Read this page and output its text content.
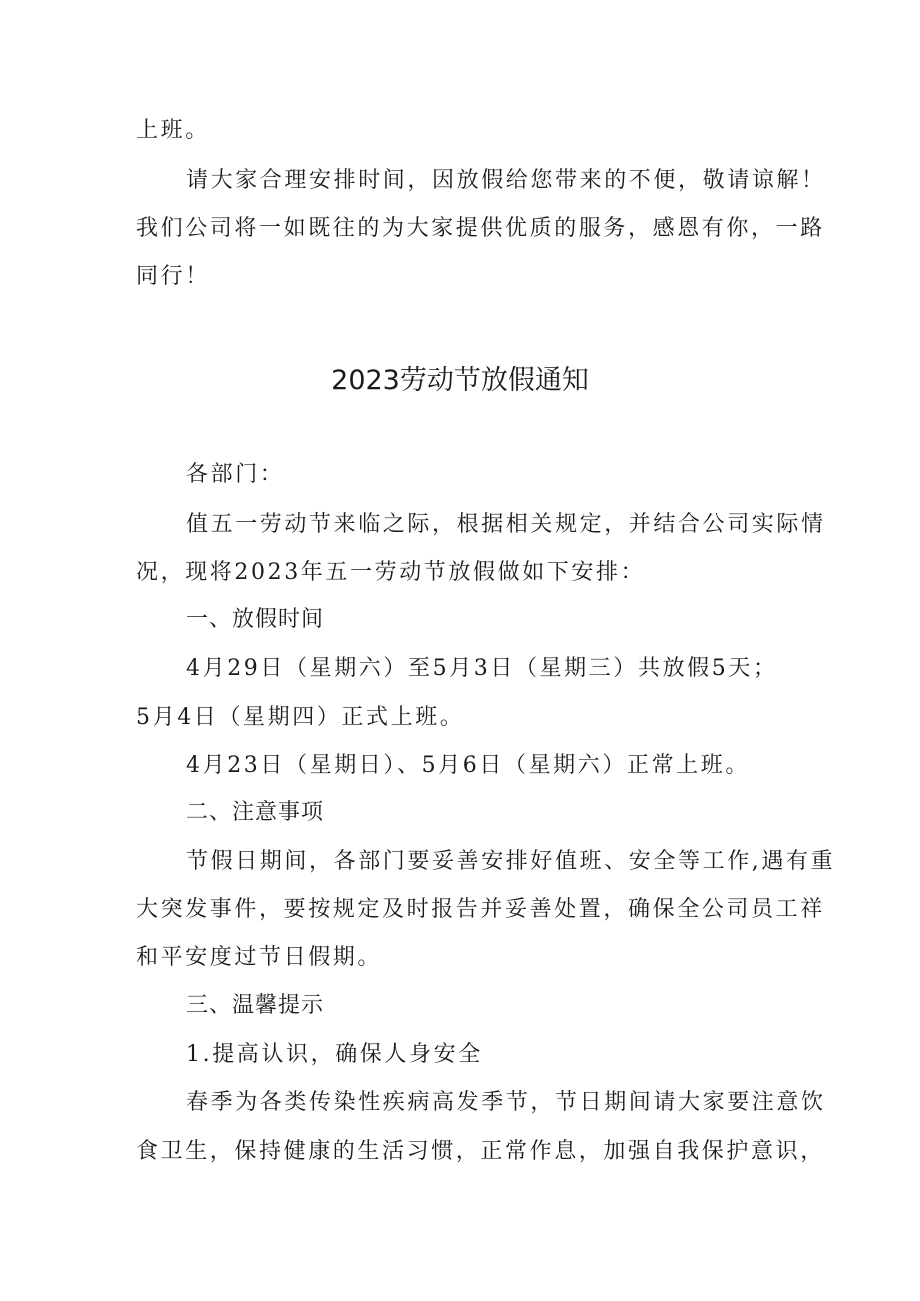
上班。
请大家合理安排时间，因放假给您带来的不便，敬请谅解！
我们公司将一如既往的为大家提供优质的服务，感恩有你，一路
同行！
2023劳动节放假通知
各部门：
值五一劳动节来临之际，根据相关规定，并结合公司实际情
况，现将2023年五一劳动节放假做如下安排：
一、放假时间
4月29日（星期六）至5月3日（星期三）共放假5天；
5月4日（星期四）正式上班。
4月23日（星期日）、5月6日（星期六）正常上班。
二、注意事项
节假日期间，各部门要妥善安排好值班、安全等工作,遇有重
大突发事件，要按规定及时报告并妥善处置，确保全公司员工祥
和平安度过节日假期。
三、温馨提示
1.提高认识，确保人身安全
春季为各类传染性疾病高发季节，节日期间请大家要注意饮
食卫生，保持健康的生活习惯，正常作息，加强自我保护意识，
